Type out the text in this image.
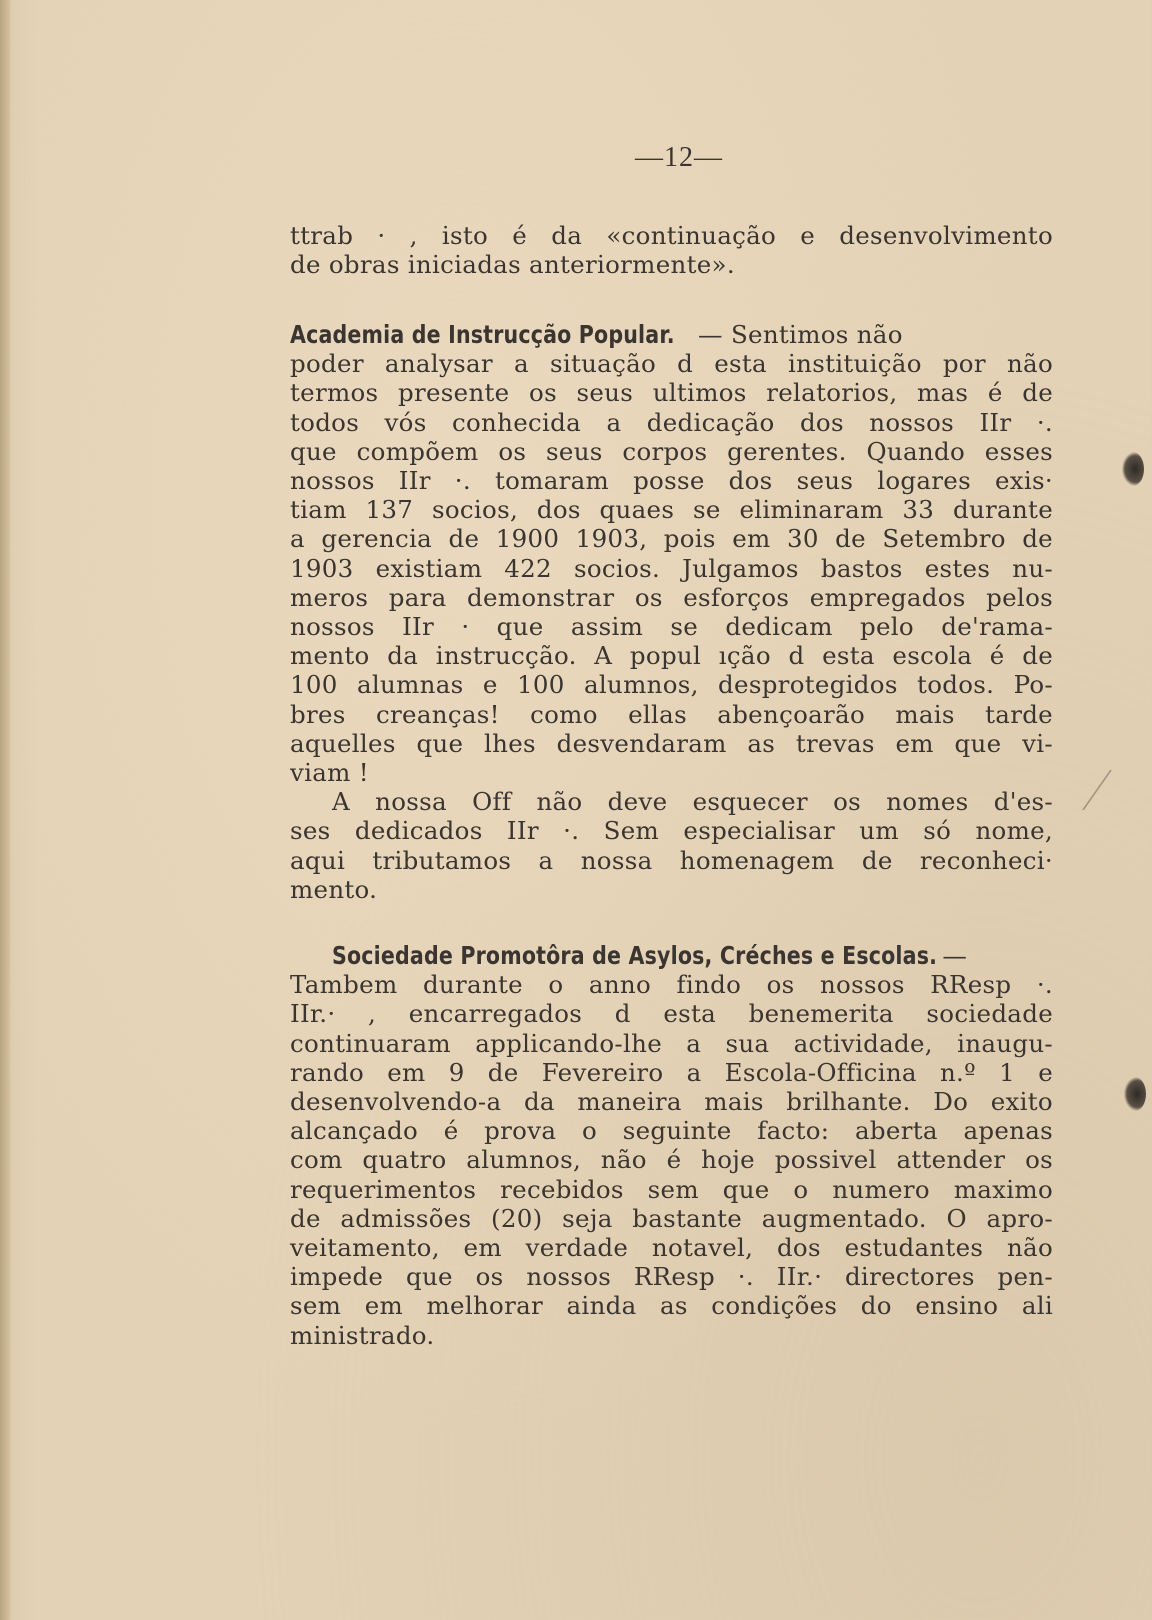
—12—
ttrab · , isto é da «continuação e desenvolvimento
de obras iniciadas anteriormente».
Academia de Instrucção Popular. — Sentimos não
poder analysar a situação d esta instituição por não
termos presente os seus ultimos relatorios, mas é de
todos vós conhecida a dedicação dos nossos IIr ·.
que compõem os seus corpos gerentes. Quando esses
nossos IIr ·. tomaram posse dos seus logares exis·
tiam 137 socios, dos quaes se eliminaram 33 durante
a gerencia de 1900 1903, pois em 30 de Setembro de
1903 existiam 422 socios. Julgamos bastos estes nu-
meros para demonstrar os esforços empregados pelos
nossos IIr · que assim se dedicam pelo de'rama-
mento da instrucção. A popul ıção d esta escola é de
100 alumnas e 100 alumnos, desprotegidos todos. Po-
bres creanças! como ellas abençoarão mais tarde
aquelles que lhes desvendaram as trevas em que vi-
viam !
A nossa Off não deve esquecer os nomes d'es-
ses dedicados IIr ·. Sem especialisar um só nome,
aqui tributamos a nossa homenagem de reconheci·
mento.
Sociedade Promotôra de Asylos, Créches e Escolas. —
Tambem durante o anno findo os nossos RResp ·.
IIr.· , encarregados d esta benemerita sociedade
continuaram applicando-lhe a sua actividade, inaugu-
rando em 9 de Fevereiro a Escola-Officina n.º 1 e
desenvolvendo-a da maneira mais brilhante. Do exito
alcançado é prova o seguinte facto: aberta apenas
com quatro alumnos, não é hoje possivel attender os
requerimentos recebidos sem que o numero maximo
de admissões (20) seja bastante augmentado. O apro-
veitamento, em verdade notavel, dos estudantes não
impede que os nossos RResp ·. IIr.· directores pen-
sem em melhorar ainda as condições do ensino ali
ministrado.
